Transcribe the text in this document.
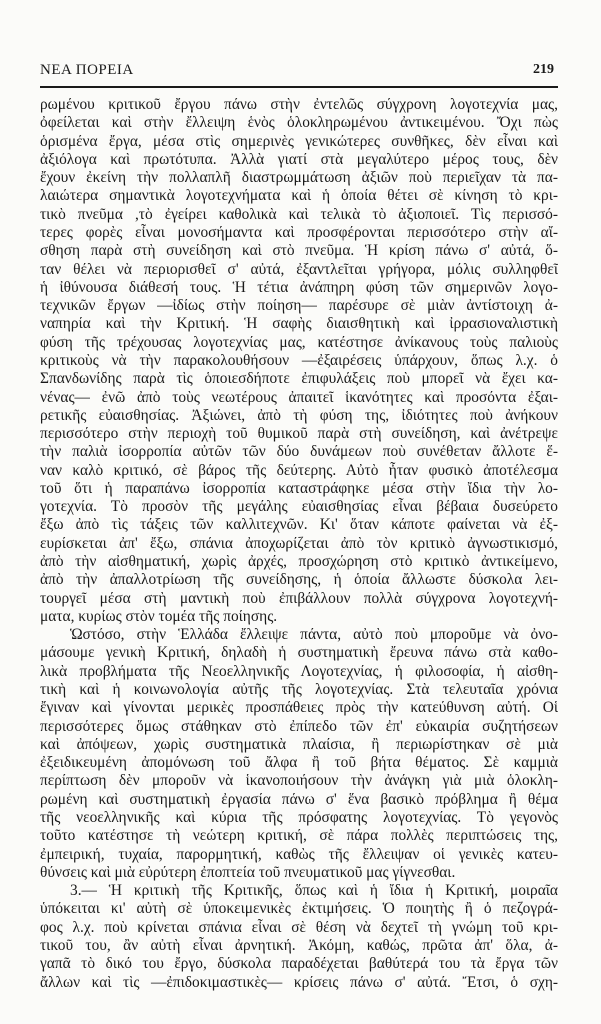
ΝΕΑ ΠΟΡΕΙΑ	219
ρωμένου κριτικοῦ ἔργου πάνω στὴν ἐντελῶς σύγχρονη λογοτεχνία μας,
ὀφείλεται καὶ στὴν ἔλλειψη ἑνὸς ὁλοκληρωμένου ἀντικειμένου. Ὄχι πὼς
ὁρισμένα ἔργα, μέσα στὶς σημερινὲς γενικώτερες συνθῆκες, δὲν εἶναι καὶ
ἀξιόλογα καὶ πρωτότυπα. Ἀλλὰ γιατί στὰ μεγαλύτερο μέρος τους, δὲν
ἔχουν ἐκείνη τὴν πολλαπλῆ διαστρωμμάτωση ἀξιῶν ποὺ περιεῖχαν τὰ πα-
λαιώτερα σημαντικὰ λογοτεχνήματα καὶ ἡ ὁποία θέτει σὲ κίνηση τὸ κρι-
τικὸ πνεῦμα ,τὸ ἐγείρει καθολικὰ καὶ τελικὰ τὸ ἀξιοποιεῖ. Τὶς περισσό-
τερες φορὲς εἶναι μονοσήμαντα καὶ προσφέρονται περισσότερο στὴν αἴ-
σθηση παρὰ στὴ συνείδηση καὶ στὸ πνεῦμα. Ἡ κρίση πάνω σ' αὐτά, ὅ-
ταν θέλει νὰ περιορισθεῖ σ' αὐτά, ἐξαντλεῖται γρήγορα, μόλις συλληφθεῖ
ἡ ἰθύνουσα διάθεσή τους. Ἡ τέτια ἀνάπηρη φύση τῶν σημερινῶν λογο-
τεχνικῶν ἔργων —ἰδίως στὴν ποίηση— παρέσυρε σὲ μιὰν ἀντίστοιχη ἀ-
ναπηρία καὶ τὴν Κριτική. Ἡ σαφὴς διαισθητικὴ καὶ ἰρρασιοναλιστικὴ
φύση τῆς τρέχουσας λογοτεχνίας μας, κατέστησε ἀνίκανους τοὺς παλιοὺς
κριτικοὺς νὰ τὴν παρακολουθήσουν —ἐξαιρέσεις ὑπάρχουν, ὅπως λ.χ. ὁ
Σπανδωνίδης παρὰ τὶς ὁποιεσδήποτε ἐπιφυλάξεις ποὺ μπορεῖ νὰ ἔχει κα-
νένας— ἐνῶ ἀπὸ τοὺς νεωτέρους ἀπαιτεῖ ἱκανότητες καὶ προσόντα ἐξαι-
ρετικῆς εὐαισθησίας. Ἀξιώνει, ἀπὸ τὴ φύση της, ἰδιότητες ποὺ ἀνήκουν
περισσότερο στὴν περιοχὴ τοῦ θυμικοῦ παρὰ στὴ συνείδηση, καὶ ἀνέτρεψε
τὴν παλιὰ ἰσορροπία αὐτῶν τῶν δύο δυνάμεων ποὺ συνέθεταν ἄλλοτε ἕ-
ναν καλὸ κριτικό, σὲ βάρος τῆς δεύτερης. Αὐτὸ ἦταν φυσικὸ ἀποτέλεσμα
τοῦ ὅτι ἡ παραπάνω ἰσορροπία καταστράφηκε μέσα στὴν ἴδια τὴν λο-
γοτεχνία. Τὸ προσὸν τῆς μεγάλης εὐαισθησίας εἶναι βέβαια δυσεύρετο
ἔξω ἀπὸ τὶς τάξεις τῶν καλλιτεχνῶν. Κι' ὅταν κάποτε φαίνεται νὰ ἐξ-
ευρίσκεται ἀπ' ἔξω, σπάνια ἀποχωρίζεται ἀπὸ τὸν κριτικὸ ἀγνωστικισμό,
ἀπὸ τὴν αἰσθηματική, χωρὶς ἀρχές, προσχώρηση στὸ κριτικὸ ἀντικείμενο,
ἀπὸ τὴν ἀπαλλοτρίωση τῆς συνείδησης, ἡ ὁποία ἄλλωστε δύσκολα λει-
τουργεῖ μέσα στὴ μαντικὴ ποὺ ἐπιβάλλουν πολλὰ σύγχρονα λογοτεχνή-
ματα, κυρίως στὸν τομέα τῆς ποίησης.
Ὡστόσο, στὴν Ἑλλάδα ἔλλειψε πάντα, αὐτὸ ποὺ μποροῦμε νὰ ὀνο-
μάσουμε γενικὴ Κριτική, δηλαδὴ ἡ συστηματικὴ ἔρευνα πάνω στὰ καθο-
λικὰ προβλήματα τῆς Νεοελληνικῆς Λογοτεχνίας, ἡ φιλοσοφία, ἡ αἰσθη-
τικὴ καὶ ἡ κοινωνολογία αὐτῆς τῆς λογοτεχνίας. Στὰ τελευταῖα χρόνια
ἔγιναν καὶ γίνονται μερικὲς προσπάθειες πρὸς τὴν κατεύθυνση αὐτή. Οἱ
περισσότερες ὅμως στάθηκαν στὸ ἐπίπεδο τῶν ἐπ' εὐκαιρία συζητήσεων
καὶ ἀπόψεων, χωρὶς συστηματικὰ πλαίσια, ἢ περιωρίστηκαν σὲ μιὰ
ἐξειδικευμένη ἀπομόνωση τοῦ ἄλφα ἢ τοῦ βήτα θέματος. Σὲ καμμιὰ
περίπτωση δὲν μποροῦν νὰ ἱκανοποιήσουν τὴν ἀνάγκη γιὰ μιὰ ὁλοκλη-
ρωμένη καὶ συστηματικὴ ἐργασία πάνω σ' ἕνα βασικὸ πρόβλημα ἢ θέμα
τῆς νεοελληνικῆς καὶ κύρια τῆς πρόσφατης λογοτεχνίας. Τὸ γεγονὸς
τοῦτο κατέστησε τὴ νεώτερη κριτική, σὲ πάρα πολλὲς περιπτώσεις της,
ἐμπειρική, τυχαία, παρορμητική, καθὼς τῆς ἔλλειψαν οἱ γενικὲς κατευ-
θύνσεις καὶ μιὰ εὐρύτερη ἐποπτεία τοῦ πνευματικοῦ μας γίγνεσθαι.
3.— Ἡ κριτικὴ τῆς Κριτικῆς, ὅπως καὶ ἡ ἴδια ἡ Κριτική, μοιραῖα
ὑπόκειται κι' αὐτὴ σὲ ὑποκειμενικὲς ἐκτιμήσεις. Ὁ ποιητὴς ἢ ὁ πεζογρά-
φος λ.χ. ποὺ κρίνεται σπάνια εἶναι σὲ θέση νὰ δεχτεῖ τὴ γνώμη τοῦ κρι-
τικοῦ του, ἂν αὐτὴ εἶναι ἀρνητική. Ἀκόμη, καθώς, πρῶτα ἀπ' ὅλα, ἀ-
γαπᾶ τὸ δικό του ἔργο, δύσκολα παραδέχεται βαθύτερά του τὰ ἔργα τῶν
ἄλλων καὶ τὶς —ἐπιδοκιμαστικὲς— κρίσεις πάνω σ' αὐτά. Ἔτσι, ὁ σχη-
